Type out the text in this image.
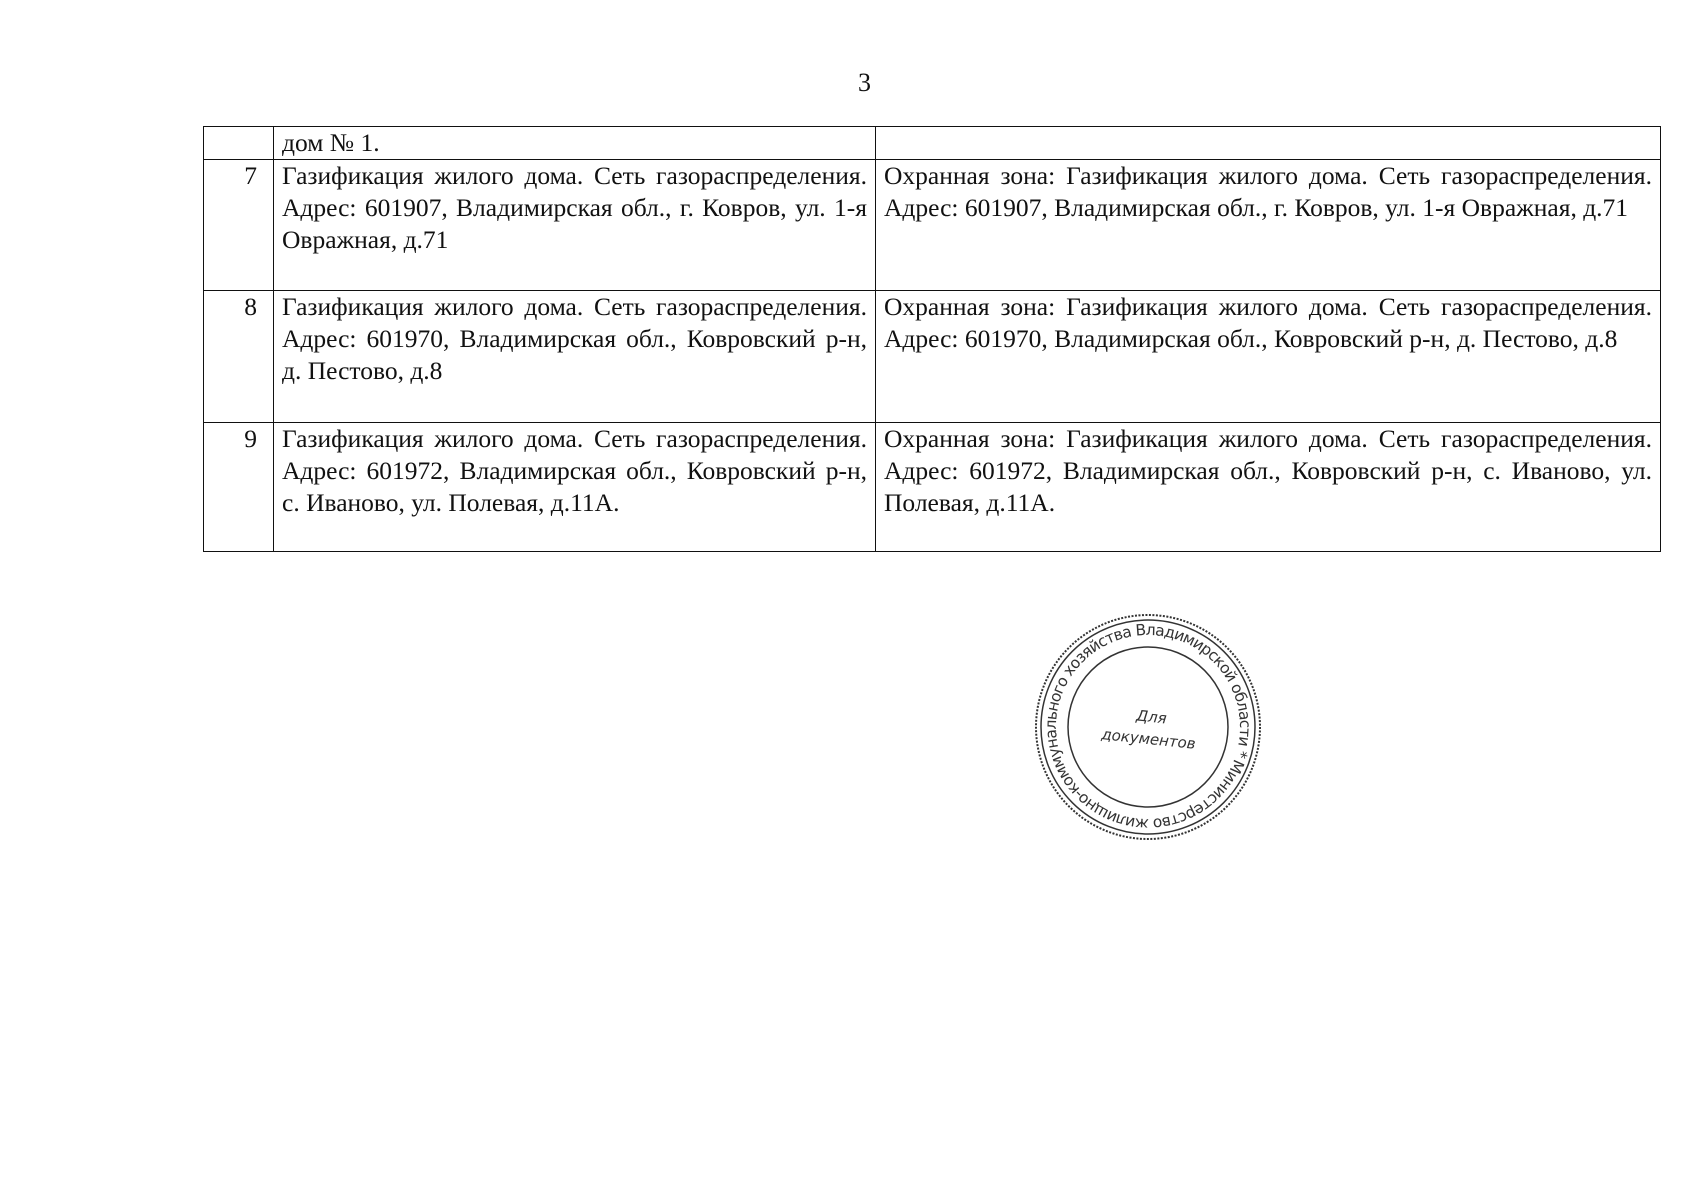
3
	дом № 1.	
7	Газификация жилого дома. Сеть газораспределения. Адрес: 601907, Владимирская обл., г. Ковров, ул. 1-я Овражная, д.71	Охранная зона: Газификация жилого дома. Сеть газораспределения. Адрес: 601907, Владимирская обл., г. Ковров, ул. 1-я Овражная, д.71
8	Газификация жилого дома. Сеть газораспределения. Адрес: 601970, Владимирская обл., Ковровский р-н, д. Пестово, д.8	Охранная зона: Газификация жилого дома. Сеть газораспределения. Адрес: 601970, Владимирская обл., Ковровский р-н, д. Пестово, д.8
9	Газификация жилого дома. Сеть газораспределения. Адрес: 601972, Владимирская обл., Ковровский р-н, с. Иваново, ул. Полевая, д.11А.	Охранная зона: Газификация жилого дома. Сеть газораспределения. Адрес: 601972, Владимирская обл., Ковровский р-н, с. Иваново, ул. Полевая, д.11А.
Министерство жилищно-коммунального хозяйства Владимирской области *
Для
документов
